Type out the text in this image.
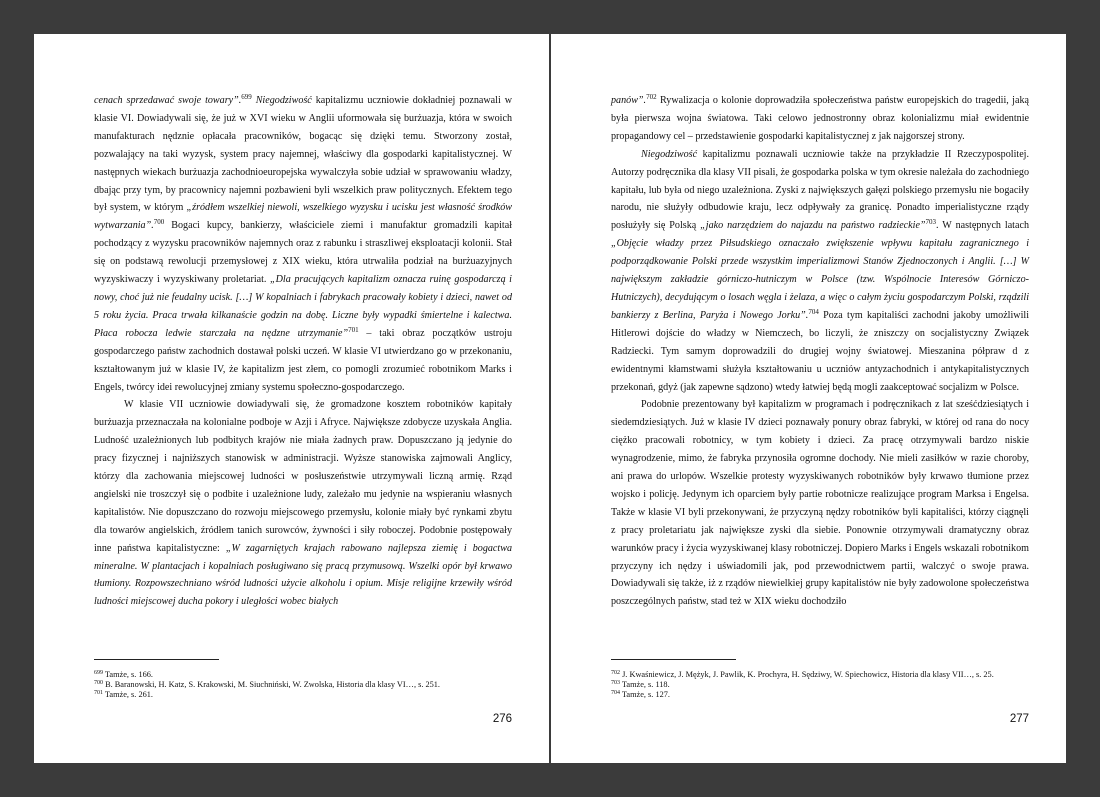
cenach sprzedawać swoje towary”.$^{699}$ Niegodziwość kapitalizmu uczniowie dokładniej poznawali w klasie VI. Dowiadywali się, że już w XVI wieku w Anglii uformowała się burżuazja, która w swoich manufakturach nędznie opłacała pracowników, bogacąc się dzięki temu. Stworzony został, pozwalający na taki wyzysk, system pracy najemnej, właściwy dla gospodarki kapitalistycznej. W następnych wiekach burżuazja zachodnioeuropejska wywalczyła sobie udział w sprawowaniu władzy, dbając przy tym, by pracownicy najemni pozbawieni byli wszelkich praw politycznych. Efektem tego był system, w którym „źródłem wszelkiej niewoli, wszelkiego wyzysku i ucisku jest własność środków wytwarzania”.$^{700}$ Bogaci kupcy, bankierzy, właściciele ziemi i manufaktur gromadzili kapitał pochodzący z wyzysku pracowników najemnych oraz z rabunku i straszliwej eksploatacji kolonii. Stał się on podstawą rewolucji przemysłowej z XIX wieku, która utrwaliła podział na burżuazyjnych wyzyskiwaczy i wyzyskiwany proletariat. „Dla pracujących kapitalizm oznacza ruinę gospodarczą i nowy, choć już nie feudalny ucisk. […] W kopalniach i fabrykach pracowały kobiety i dzieci, nawet od 5 roku życia. Praca trwała kilkanaście godzin na dobę. Liczne były wypadki śmiertelne i kalectwa. Płaca robocza ledwie starczała na nędzne utrzymanie”$^{701}$ – taki obraz początków ustroju gospodarczego państw zachodnich dostawał polski uczeń. W klasie VI utwierdzano go w przekonaniu, kształtowanym już w klasie IV, że kapitalizm jest złem, co pomogli zrozumieć robotnikom Marks i Engels, twórcy idei rewolucyjnej zmiany systemu społeczno-gospodarczego.

W klasie VII uczniowie dowiadywali się, że gromadzone kosztem robotników kapitały burżuazja przeznaczała na kolonialne podboje w Azji i Afryce. Największe zdobycze uzyskała Anglia. Ludność uzależnionych lub podbitych krajów nie miała żadnych praw. Dopuszczano ją jedynie do pracy fizycznej i najniższych stanowisk w administracji. Wyższe stanowiska zajmowali Anglicy, którzy dla zachowania miejscowej ludności w posłuszeństwie utrzymywali liczną armię. Rząd angielski nie troszczył się o podbite i uzależnione ludy, zależało mu jedynie na wspieraniu własnych kapitalistów. Nie dopuszczano do rozwoju miejscowego przemysłu, kolonie miały być rynkami zbytu dla towarów angielskich, źródłem tanich surowców, żywności i siły roboczej. Podobnie postępowały inne państwa kapitalistyczne: „W zagarniętych krajach rabowano najlepsza ziemię i bogactwa mineralne. W plantacjach i kopalniach posługiwano się pracą przymusową. Wszelki opór był krwawo tłumiony. Rozpowszechniano wśród ludności użycie alkoholu i opium. Misje religijne krzewiły wśród ludności miejscowej ducha pokory i uległości wobec białych

$^{699}$ Tamże, s. 166.
$^{700}$ B. Baranowski, H. Katz, S. Krakowski, M. Siuchniński, W. Zwolska, Historia dla klasy VI…, s. 251.
$^{701}$ Tamże, s. 261.
276

panów”.$^{702}$ Rywalizacja o kolonie doprowadziła społeczeństwa państw europejskich do tragedii, jaką była pierwsza wojna światowa. Taki celowo jednostronny obraz kolonializmu miał ewidentnie propagandowy cel – przedstawienie gospodarki kapitalistycznej z jak najgorszej strony.

Niegodziwość kapitalizmu poznawali uczniowie także na przykładzie II Rzeczypospolitej. Autorzy podręcznika dla klasy VII pisali, że gospodarka polska w tym okresie należała do zachodniego kapitału, lub była od niego uzależniona. Zyski z największych gałęzi polskiego przemysłu nie bogaciły narodu, nie służyły odbudowie kraju, lecz odpływały za granicę. Ponadto imperialistyczne rządy posłużyły się Polską „jako narzędziem do najazdu na państwo radzieckie”$^{703}$. W następnych latach „Objęcie władzy przez Piłsudskiego oznaczało zwiększenie wpływu kapitału zagranicznego i podporządkowanie Polski przede wszystkim imperializmowi Stanów Zjednoczonych i Anglii. […] W największym zakładzie górniczo-hutniczym w Polsce (tzw. Wspólnocie Interesów Górniczo-Hutniczych), decydującym o losach węgla i żelaza, a więc o całym życiu gospodarczym Polski, rządzili bankierzy z Berlina, Paryża i Nowego Jorku”.$^{704}$ Poza tym kapitaliści zachodni jakoby umożliwili Hitlerowi dojście do władzy w Niemczech, bo liczyli, że zniszczy on socjalistyczny Związek Radziecki. Tym samym doprowadzili do drugiej wojny światowej. Mieszanina półpraw d z ewidentnymi kłamstwami służyła kształtowaniu u uczniów antyzachodnich i antykapitalistycznych przekonań, gdyż (jak zapewne sądzono) wtedy łatwiej będą mogli zaakceptować socjalizm w Polsce.

Podobnie prezentowany był kapitalizm w programach i podręcznikach z lat sześćdziesiątych i siedemdziesiątych. Już w klasie IV dzieci poznawały ponury obraz fabryki, w której od rana do nocy ciężko pracowali robotnicy, w tym kobiety i dzieci. Za pracę otrzymywali bardzo niskie wynagrodzenie, mimo, że fabryka przynosiła ogromne dochody. Nie mieli zasiłków w razie choroby, ani prawa do urlopów. Wszelkie protesty wyzyskiwanych robotników były krwawo tłumione przez wojsko i policję. Jedynym ich oparciem były partie robotnicze realizujące program Marksa i Engelsa. Także w klasie VI byli przekonywani, że przyczyną nędzy robotników byli kapitaliści, którzy ciągnęli z pracy proletariatu jak największe zyski dla siebie. Ponownie otrzymywali dramatyczny obraz warunków pracy i życia wyzyskiwanej klasy robotniczej. Dopiero Marks i Engels wskazali robotnikom przyczyny ich nędzy i uświadomili jak, pod przewodnictwem partii, walczyć o swoje prawa. Dowiadywali się także, iż z rządów niewielkiej grupy kapitalistów nie były zadowolone społeczeństwa poszczególnych państw, stad też w XIX wieku dochodziło

$^{702}$ J. Kwaśniewicz, J. Mężyk, J. Pawlik, K. Prochyra, H. Sędziwy, W. Spiechowicz, Historia dla klasy VII…, s. 25.
$^{703}$ Tamże, s. 118.
$^{704}$ Tamże, s. 127.
277
